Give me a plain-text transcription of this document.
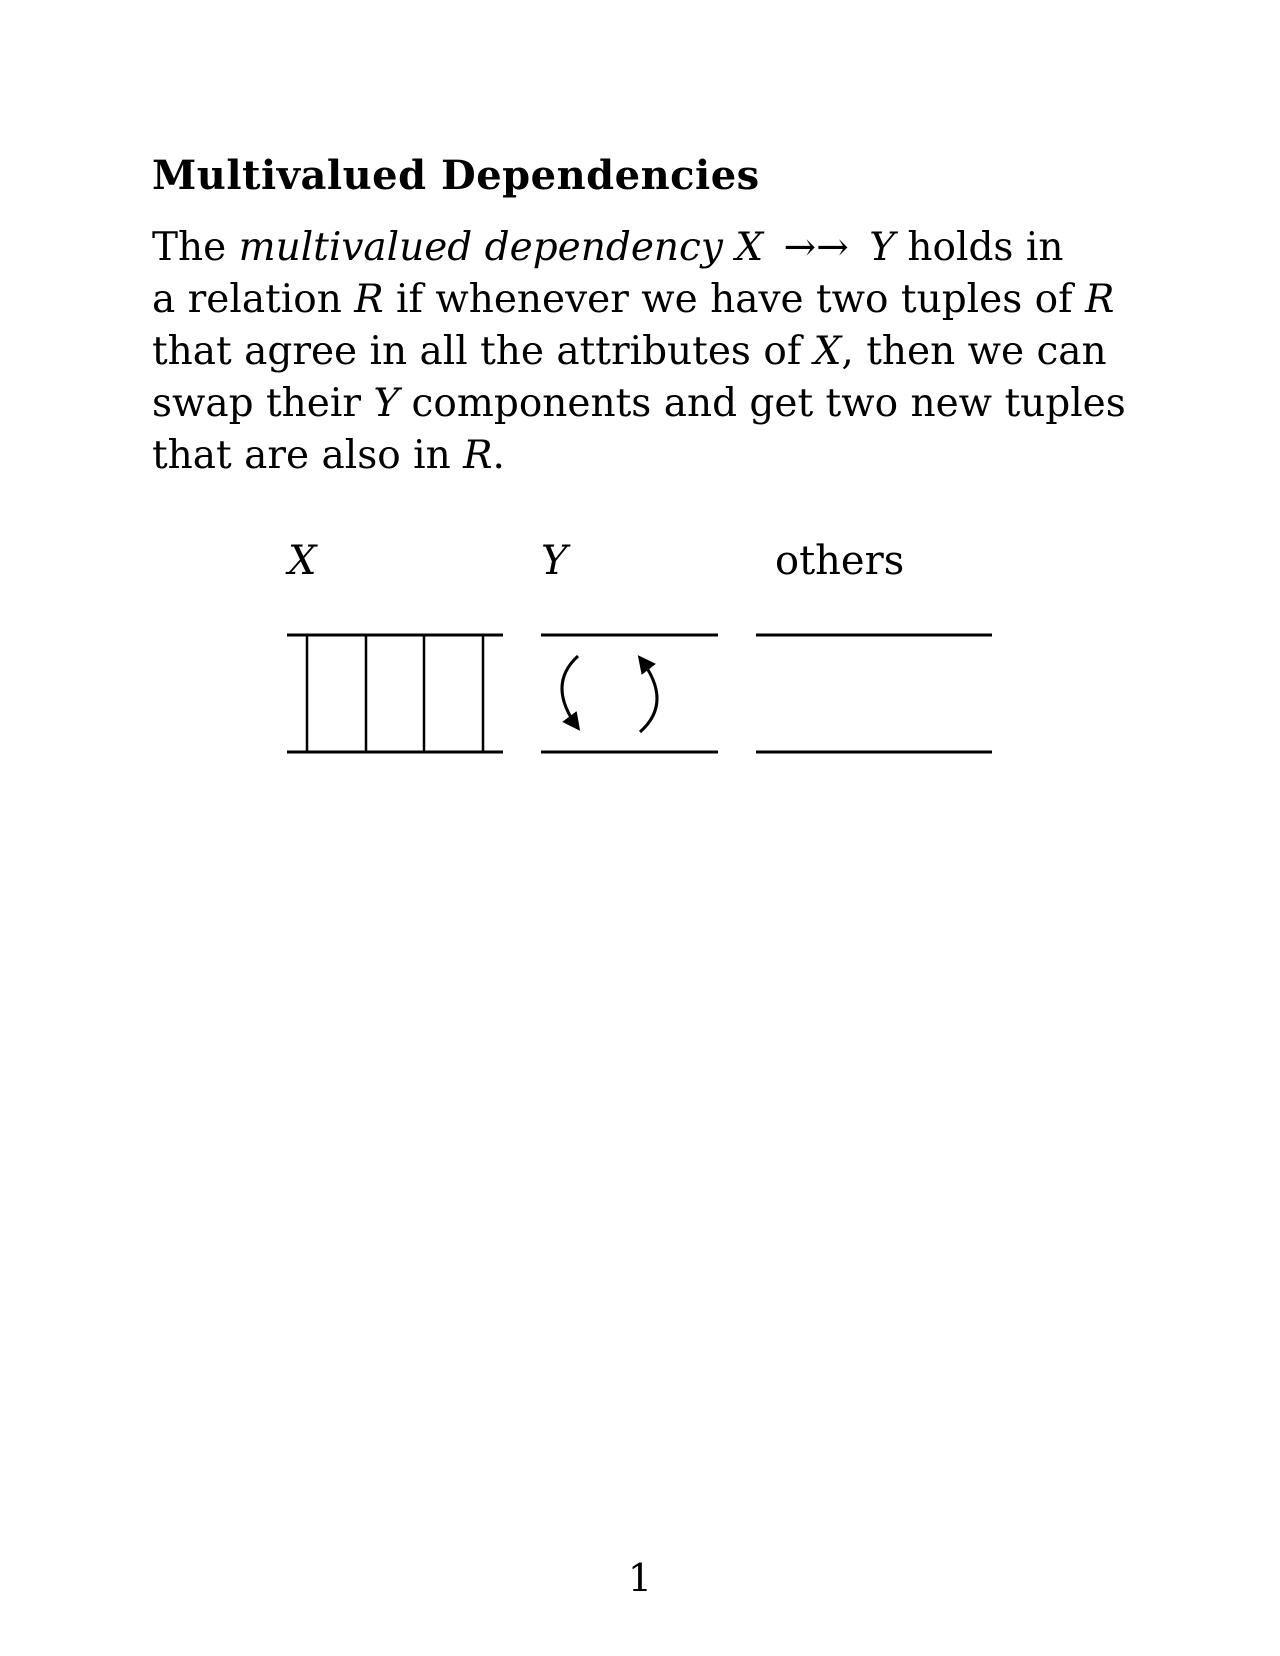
Multivalued Dependencies

The multivalued dependency X →→ Y holds in
a relation R if whenever we have two tuples of R
that agree in all the attributes of X, then we can
swap their Y components and get two new tuples
that are also in R.

X	Y	others
1
